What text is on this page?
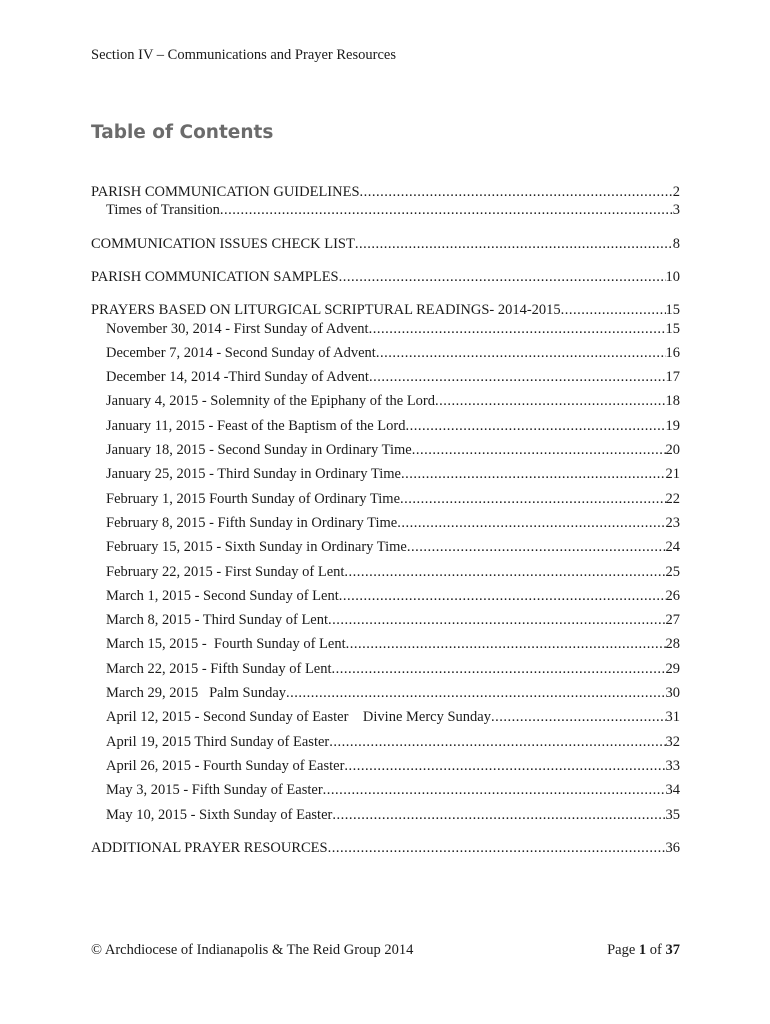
Section IV – Communications and Prayer Resources
Table of Contents
PARISH COMMUNICATION GUIDELINES .....	2
Times of Transition .....	3
COMMUNICATION ISSUES CHECK LIST .....	8
PARISH COMMUNICATION SAMPLES .....	10
PRAYERS BASED ON LITURGICAL SCRIPTURAL READINGS- 2014-2015 .....	15
November 30, 2014 - First Sunday of Advent .....	15
December 7, 2014 - Second Sunday of Advent .....	16
December 14, 2014 -Third Sunday of Advent .....	17
January 4, 2015 - Solemnity of the Epiphany of the Lord .....	18
January 11, 2015 - Feast of the Baptism of the Lord .....	19
January 18, 2015 - Second Sunday in Ordinary Time .....	20
January 25, 2015 - Third Sunday in Ordinary Time .....	21
February 1, 2015 Fourth Sunday of Ordinary Time .....	22
February 8, 2015 - Fifth Sunday in Ordinary Time .....	23
February 15, 2015 - Sixth Sunday in Ordinary Time .....	24
February 22, 2015 - First Sunday of Lent .....	25
March 1, 2015 - Second Sunday of Lent .....	26
March 8, 2015 - Third Sunday of Lent .....	27
March 15, 2015 -  Fourth Sunday of Lent .....	28
March 22, 2015 - Fifth Sunday of Lent .....	29
March 29, 2015   Palm Sunday .....	30
April 12, 2015 - Second Sunday of Easter    Divine Mercy Sunday .....	31
April 19, 2015 Third Sunday of Easter .....	32
April 26, 2015 - Fourth Sunday of Easter .....	33
May 3, 2015 - Fifth Sunday of Easter .....	34
May 10, 2015 - Sixth Sunday of Easter .....	35
ADDITIONAL PRAYER RESOURCES .....	36
© Archdiocese of Indianapolis & The Reid Group 2014	Page 1 of 37
